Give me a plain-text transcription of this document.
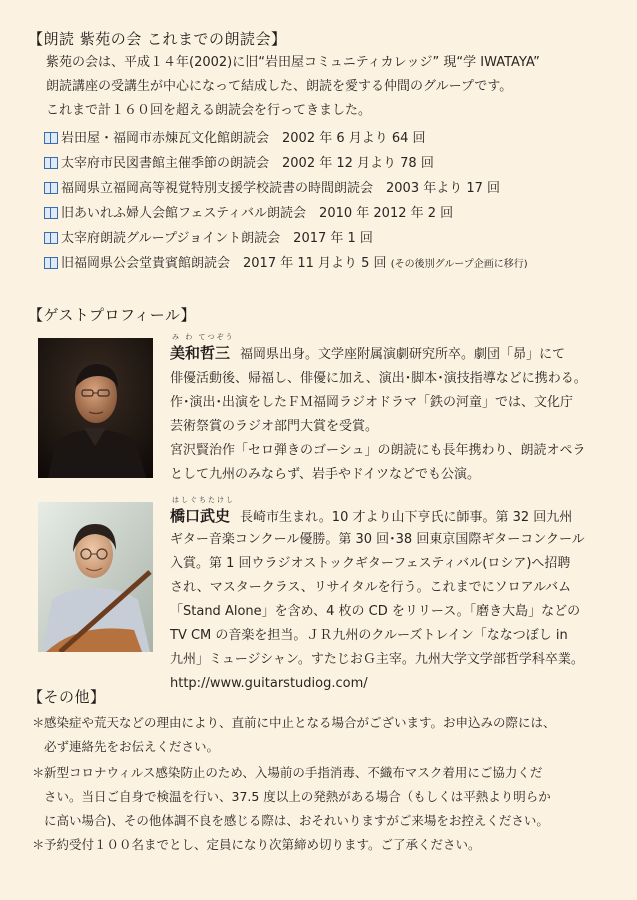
【朗読 紫苑の会 これまでの朗読会】
紫苑の会は、平成１４年(2002)に旧“岩田屋コミュニティカレッジ” 現“学 IWATAYA”
朗読講座の受講生が中心になって結成した、朗読を愛する仲間のグループです。
これまで計１６０回を超える朗読会を行ってきました。
岩田屋・福岡市赤煉瓦文化館朗読会　2002 年 6 月より 64 回
太宰府市民図書館主催季節の朗読会　2002 年 12 月より 78 回
福岡県立福岡高等視覚特別支援学校読書の時間朗読会　2003 年より 17 回
旧あいれふ婦人会館フェスティバル朗読会　2010 年 2012 年 2 回
太宰府朗読グループジョイント朗読会　2017 年 1 回
旧福岡県公会堂貴賓館朗読会　2017 年 11 月より 5 回 (その後別グループ企画に移行)
【ゲストプロフィール】
み わ てつぞう
美和哲三 福岡県出身。文学座附属演劇研究所卒。劇団「昴」にて
俳優活動後、帰福し、俳優に加え、演出･脚本･演技指導などに携わる。
作･演出･出演をしたＦＭ福岡ラジオドラマ「鉄の河童」では、文化庁
芸術祭賞のラジオ部門大賞を受賞。
宮沢賢治作「セロ弾きのゴーシュ」の朗読にも長年携わり、朗読オペラ
として九州のみならず、岩手やドイツなどでも公演。
はしぐちたけし
橋口武史 長崎市生まれ。10 才より山下亨氏に師事。第 32 回九州
ギター音楽コンクール優勝。第 30 回･38 回東京国際ギターコンクール
入賞。第 1 回ウラジオストックギターフェスティバル(ロシア)へ招聘
され、マスタークラス、リサイタルを行う。これまでにソロアルバム
「Stand Alone」を含め、4 枚の CD をリリース。「磨き大島」などの
TV CM の音楽を担当。ＪＲ九州のクルーズトレイン「ななつぼし in
九州」ミュージシャン。すたじおＧ主宰。九州大学文学部哲学科卒業。
http://www.guitarstudiog.com/
【その他】
＊感染症や荒天などの理由により、直前に中止となる場合がございます。お申込みの際には、
必ず連絡先をお伝えください。
＊新型コロナウィルス感染防止のため、入場前の手指消毒、不織布マスク着用にご協力くだ
さい。当日ご自身で検温を行い、37.5 度以上の発熱がある場合（もしくは平熱より明らか
に高い場合)、その他体調不良を感じる際は、おそれいりますがご来場をお控えください。
＊予約受付１００名までとし、定員になり次第締め切ります。ご了承ください。
